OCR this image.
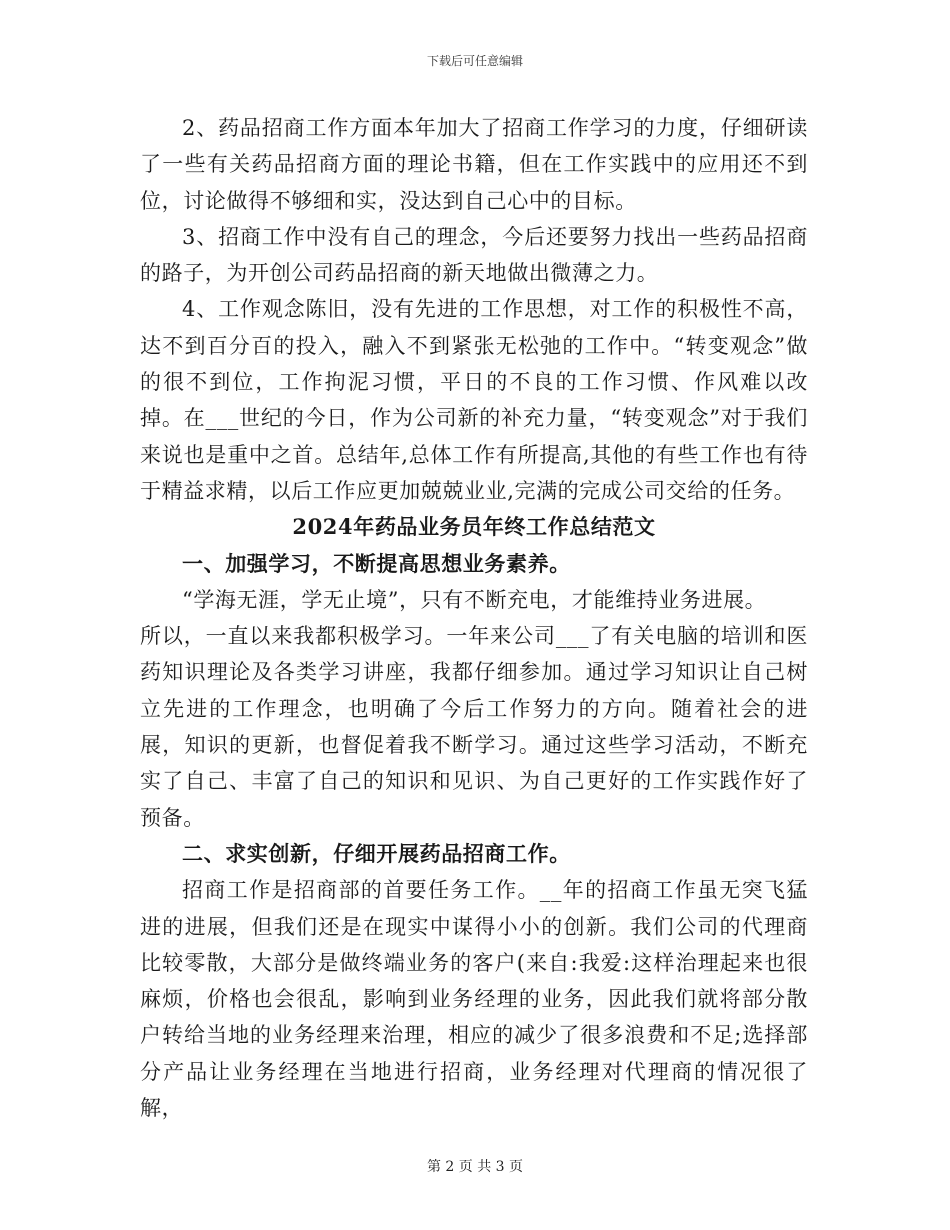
下载后可任意编辑

2、药品招商工作方面本年加大了招商工作学习的力度，仔细研读了一些有关药品招商方面的理论书籍，但在工作实践中的应用还不到位，讨论做得不够细和实，没达到自己心中的目标。

3、招商工作中没有自己的理念，今后还要努力找出一些药品招商的路子，为开创公司药品招商的新天地做出微薄之力。

4、工作观念陈旧，没有先进的工作思想，对工作的积极性不高，达不到百分百的投入，融入不到紧张无松弛的工作中。“转变观念”做的很不到位，工作拘泥习惯，平日的不良的工作习惯、作风难以改掉。在___世纪的今日，作为公司新的补充力量，“转变观念”对于我们来说也是重中之首。总结年,总体工作有所提高,其他的有些工作也有待于精益求精，以后工作应更加兢兢业业,完满的完成公司交给的任务。

2024年药品业务员年终工作总结范文
一、加强学习，不断提高思想业务素养。

“学海无涯，学无止境”，只有不断充电，才能维持业务进展。

所以，一直以来我都积极学习。一年来公司___了有关电脑的培训和医药知识理论及各类学习讲座，我都仔细参加。通过学习知识让自己树立先进的工作理念，也明确了今后工作努力的方向。随着社会的进展，知识的更新，也督促着我不断学习。通过这些学习活动，不断充实了自己、丰富了自己的知识和见识、为自己更好的工作实践作好了预备。

二、求实创新，仔细开展药品招商工作。

招商工作是招商部的首要任务工作。__年的招商工作虽无突飞猛进的进展，但我们还是在现实中谋得小小的创新。我们公司的代理商比较零散，大部分是做终端业务的客户(来自:我爱:这样治理起来也很麻烦，价格也会很乱，影响到业务经理的业务，因此我们就将部分散户转给当地的业务经理来治理，相应的减少了很多浪费和不足;选择部分产品让业务经理在当地进行招商，业务经理对代理商的情况很了解，

第 2 页 共 3 页
